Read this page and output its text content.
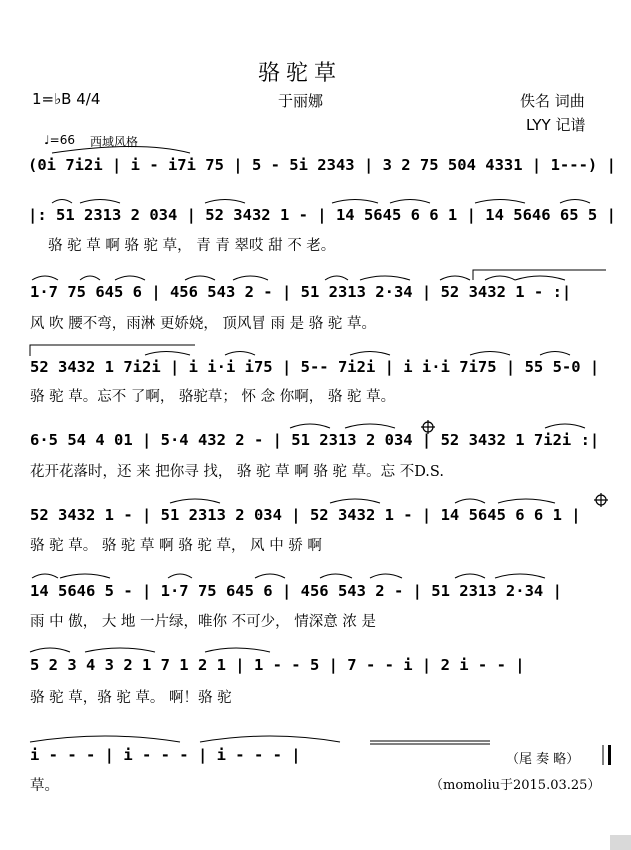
骆驼草
于丽娜
1=♭B 4/4	佚名 词曲
LYY 记谱
♩=66 西域风格
(0i 7i2i | i - i7i 75 | 5 - 5i 2343 | 3 2 75 504 4331 | 1---) |
|: 51 2313 2 034 | 52 3432 1 - | 14 5645 6 6 1 | 14 5646 65 5 |
骆 驼 草 啊 骆 驼 草， 青 青 翠哎 甜 不 老。
1·7 75 645 6 | 456 543 2 - | 51 2313 2·34 | 52 3432 1 - :|
风 吹 腰不弯，雨淋 更娇娆， 顶风冒 雨 是 骆 驼 草。
52 3432 1 7i2i | i i·i i75 | 5-- 7i2i | i i·i 7i75 | 55 5-0 |
骆 驼 草。忘不 了啊， 骆驼草； 怀 念 你啊， 骆 驼 草。
6·5 54 4 01 | 5·4 432 2 - | 51 2313 2 034 | 52 3432 1 7i2i :|
花开花落时，还 来 把你寻 找， 骆 驼 草 啊 骆 驼 草。忘 不D.S.
52 3432 1 - | 51 2313 2 034 | 52 3432 1 - | 14 5645 6 6 1 |
骆 驼 草。 骆 驼 草 啊 骆 驼 草， 风 中 骄 啊
14 5646 5 - | 1·7 75 645 6 | 456 543 2 - | 51 2313 2·34 |
雨 中 傲， 大 地 一片绿，唯你 不可少， 情深意 浓 是
5 2 3 4 3 2 1 7 1 2 1 | 1 - - 5 | 7 - - i | 2 i - - |
骆 驼 草，骆 驼 草。 啊！骆 驼
i - - - | i - - - | i - - - |
草。
（尾 奏 略）
（momoliu于2015.03.25）
